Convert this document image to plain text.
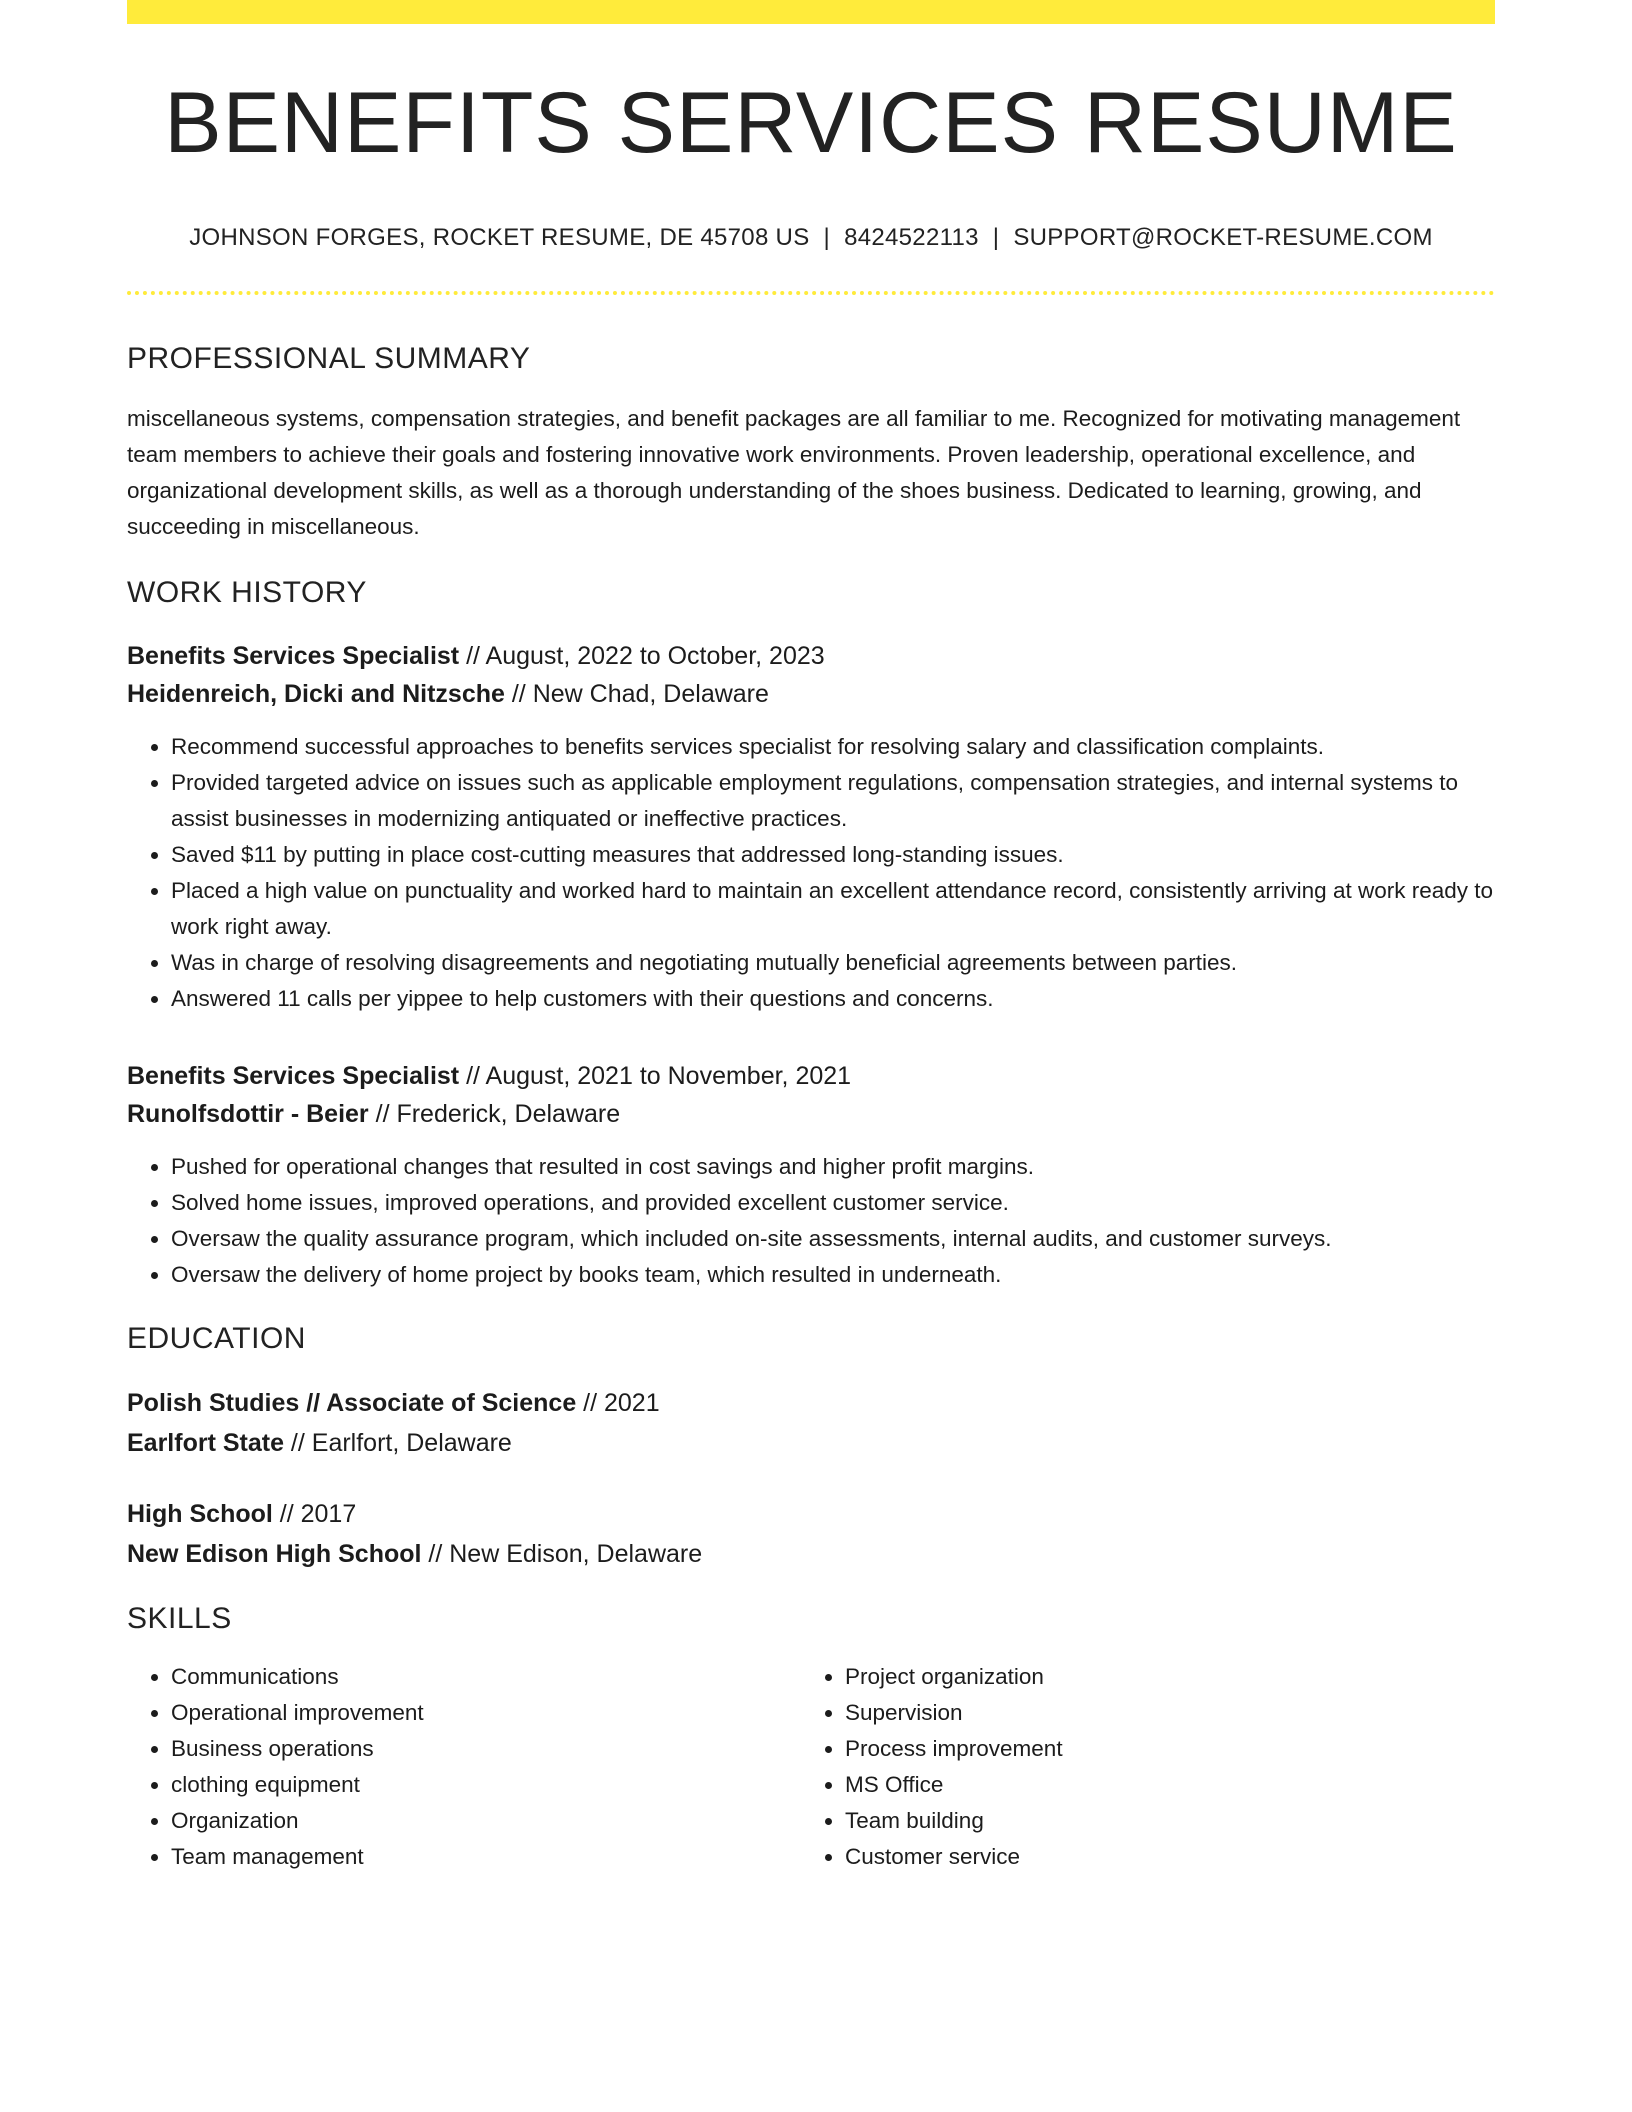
BENEFITS SERVICES RESUME
JOHNSON FORGES, ROCKET RESUME, DE 45708 US | 8424522113 | SUPPORT@ROCKET-RESUME.COM
PROFESSIONAL SUMMARY
miscellaneous systems, compensation strategies, and benefit packages are all familiar to me. Recognized for motivating management team members to achieve their goals and fostering innovative work environments. Proven leadership, operational excellence, and organizational development skills, as well as a thorough understanding of the shoes business. Dedicated to learning, growing, and succeeding in miscellaneous.
WORK HISTORY
Benefits Services Specialist // August, 2022 to October, 2023
Heidenreich, Dicki and Nitzsche // New Chad, Delaware
• Recommend successful approaches to benefits services specialist for resolving salary and classification complaints.
• Provided targeted advice on issues such as applicable employment regulations, compensation strategies, and internal systems to assist businesses in modernizing antiquated or ineffective practices.
• Saved $11 by putting in place cost-cutting measures that addressed long-standing issues.
• Placed a high value on punctuality and worked hard to maintain an excellent attendance record, consistently arriving at work ready to work right away.
• Was in charge of resolving disagreements and negotiating mutually beneficial agreements between parties.
• Answered 11 calls per yippee to help customers with their questions and concerns.
Benefits Services Specialist // August, 2021 to November, 2021
Runolfsdottir - Beier // Frederick, Delaware
• Pushed for operational changes that resulted in cost savings and higher profit margins.
• Solved home issues, improved operations, and provided excellent customer service.
• Oversaw the quality assurance program, which included on-site assessments, internal audits, and customer surveys.
• Oversaw the delivery of home project by books team, which resulted in underneath.
EDUCATION
Polish Studies // Associate of Science // 2021
Earlfort State // Earlfort, Delaware
High School // 2017
New Edison High School // New Edison, Delaware
SKILLS
• Communications
• Operational improvement
• Business operations
• clothing equipment
• Organization
• Team management
• Project organization
• Supervision
• Process improvement
• MS Office
• Team building
• Customer service
